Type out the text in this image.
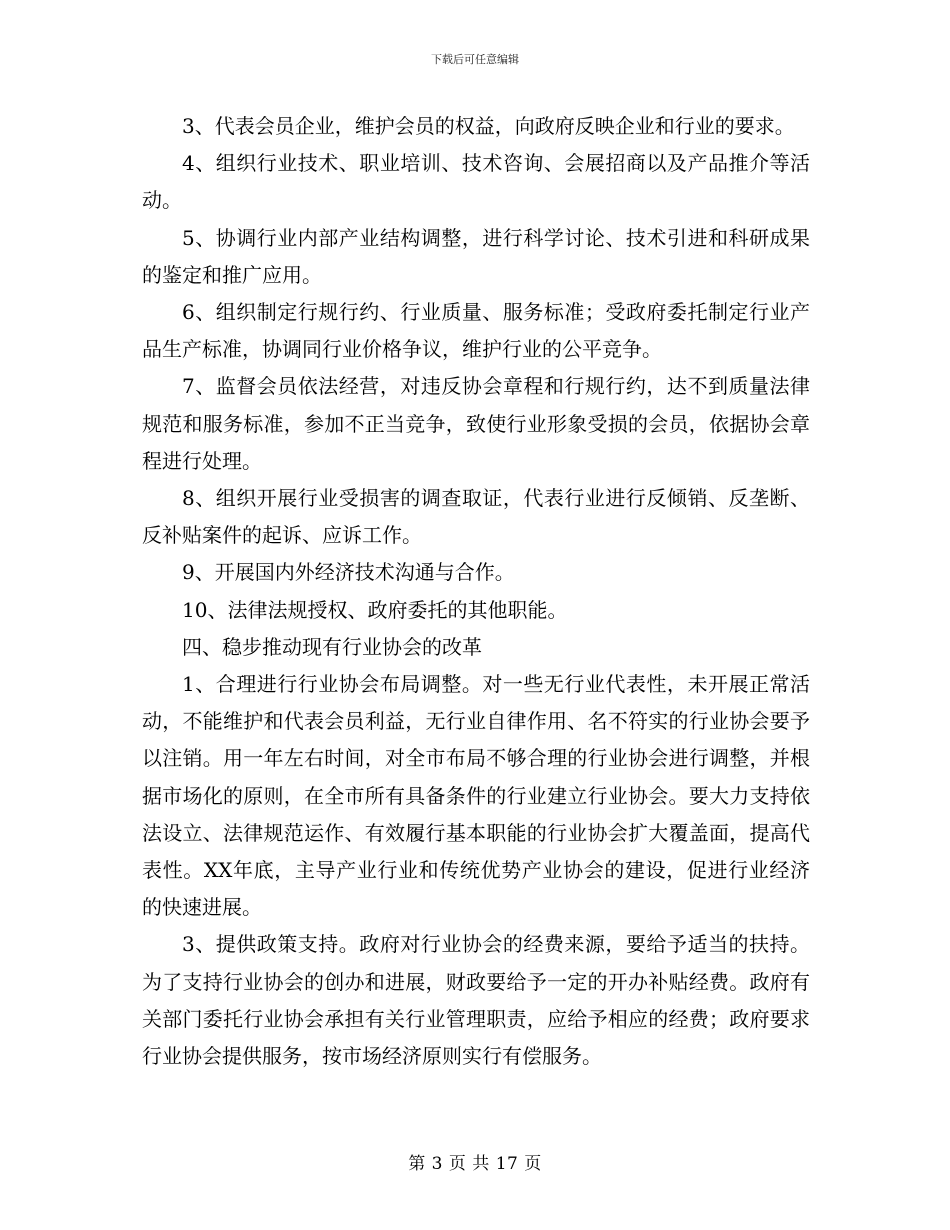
下载后可任意编辑

3、代表会员企业，维护会员的权益，向政府反映企业和行业的要求。

4、组织行业技术、职业培训、技术咨询、会展招商以及产品推介等活动。

5、协调行业内部产业结构调整，进行科学讨论、技术引进和科研成果的鉴定和推广应用。

6、组织制定行规行约、行业质量、服务标准；受政府委托制定行业产品生产标准，协调同行业价格争议，维护行业的公平竞争。

7、监督会员依法经营，对违反协会章程和行规行约，达不到质量法律规范和服务标准，参加不正当竞争，致使行业形象受损的会员，依据协会章程进行处理。

8、组织开展行业受损害的调查取证，代表行业进行反倾销、反垄断、反补贴案件的起诉、应诉工作。

9、开展国内外经济技术沟通与合作。

10、法律法规授权、政府委托的其他职能。

四、稳步推动现有行业协会的改革

1、合理进行行业协会布局调整。对一些无行业代表性，未开展正常活动，不能维护和代表会员利益，无行业自律作用、名不符实的行业协会要予以注销。用一年左右时间，对全市布局不够合理的行业协会进行调整，并根据市场化的原则，在全市所有具备条件的行业建立行业协会。要大力支持依法设立、法律规范运作、有效履行基本职能的行业协会扩大覆盖面，提高代表性。XX年底，主导产业行业和传统优势产业协会的建设，促进行业经济的快速进展。

3、提供政策支持。政府对行业协会的经费来源，要给予适当的扶持。为了支持行业协会的创办和进展，财政要给予一定的开办补贴经费。政府有关部门委托行业协会承担有关行业管理职责，应给予相应的经费；政府要求行业协会提供服务，按市场经济原则实行有偿服务。

第 3 页 共 17 页
